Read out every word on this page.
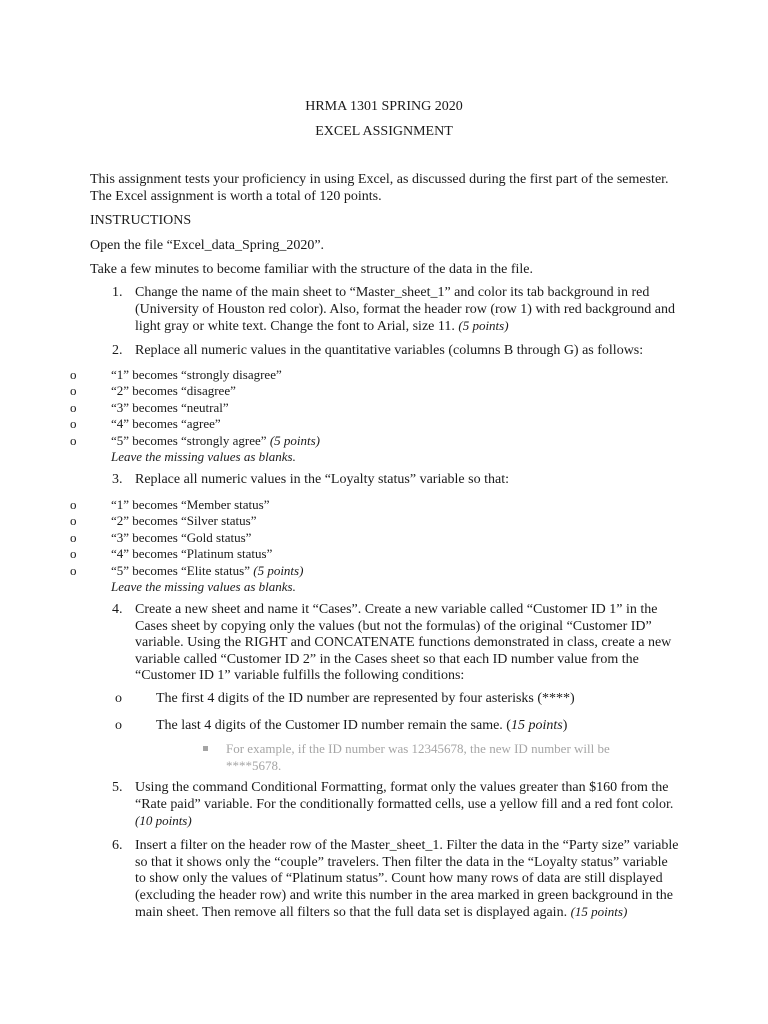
HRMA 1301 SPRING 2020
EXCEL ASSIGNMENT
This assignment tests your proficiency in using Excel, as discussed during the first part of the semester. The Excel assignment is worth a total of 120 points.
INSTRUCTIONS
Open the file “Excel_data_Spring_2020”.
Take a few minutes to become familiar with the structure of the data in the file.
1. Change the name of the main sheet to “Master_sheet_1” and color its tab background in red (University of Houston red color). Also, format the header row (row 1) with red background and light gray or white text. Change the font to Arial, size 11. (5 points)
2. Replace all numeric values in the quantitative variables (columns B through G) as follows:
o	“1” becomes “strongly disagree”
o	“2” becomes “disagree”
o	“3” becomes “neutral”
o	“4” becomes “agree”
o	“5” becomes “strongly agree” (5 points)
Leave the missing values as blanks.
3. Replace all numeric values in the “Loyalty status” variable so that:
o	“1” becomes “Member status”
o	“2” becomes “Silver status”
o	“3” becomes “Gold status”
o	“4” becomes “Platinum status”
o	“5” becomes “Elite status” (5 points)
Leave the missing values as blanks.
4. Create a new sheet and name it “Cases”. Create a new variable called “Customer ID 1” in the Cases sheet by copying only the values (but not the formulas) of the original “Customer ID” variable. Using the RIGHT and CONCATENATE functions demonstrated in class, create a new variable called “Customer ID 2” in the Cases sheet so that each ID number value from the “Customer ID 1” variable fulfills the following conditions:
o The first 4 digits of the ID number are represented by four asterisks (****)
o The last 4 digits of the Customer ID number remain the same. (15 points)
For example, if the ID number was 12345678, the new ID number will be ****5678.
5. Using the command Conditional Formatting, format only the values greater than $160 from the “Rate paid” variable. For the conditionally formatted cells, use a yellow fill and a red font color.
(10 points)
6. Insert a filter on the header row of the Master_sheet_1. Filter the data in the “Party size” variable so that it shows only the “couple” travelers. Then filter the data in the “Loyalty status” variable to show only the values of “Platinum status”. Count how many rows of data are still displayed (excluding the header row) and write this number in the area marked in green background in the main sheet. Then remove all filters so that the full data set is displayed again. (15 points)
